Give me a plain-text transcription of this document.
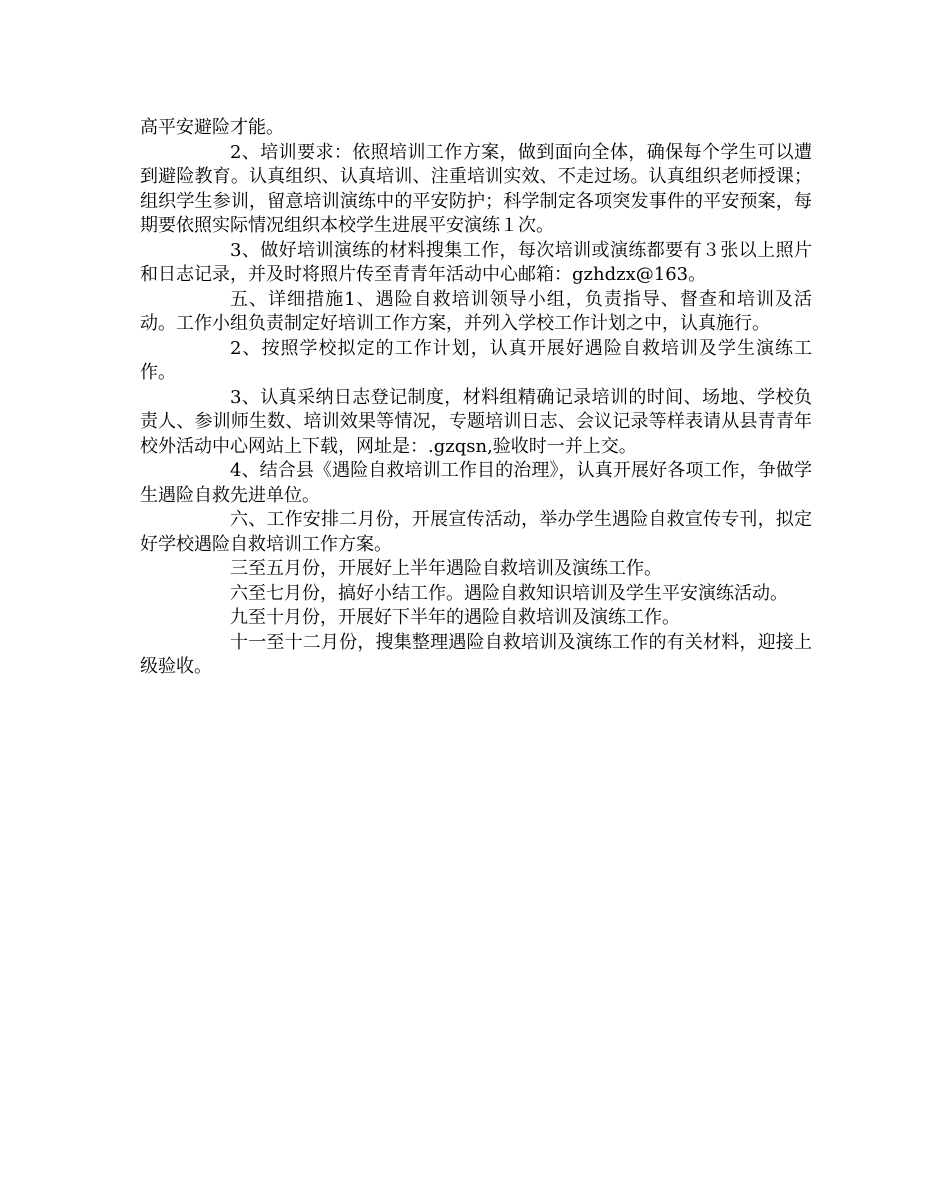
高平安避险才能。

2、培训要求：依照培训工作方案，做到面向全体，确保每个学生可以遭到避险教育。认真组织、认真培训、注重培训实效、不走过场。认真组织老师授课；组织学生参训，留意培训演练中的平安防护；科学制定各项突发事件的平安预案，每期要依照实际情况组织本校学生进展平安演练１次。

3、做好培训演练的材料搜集工作，每次培训或演练都要有３张以上照片和日志记录，并及时将照片传至青青年活动中心邮箱：gzhdzx@163。

五、详细措施1、遇险自救培训领导小组，负责指导、督查和培训及活动。工作小组负责制定好培训工作方案，并列入学校工作计划之中，认真施行。

2、按照学校拟定的工作计划，认真开展好遇险自救培训及学生演练工作。

3、认真采纳日志登记制度，材料组精确记录培训的时间、场地、学校负责人、参训师生数、培训效果等情况，专题培训日志、会议记录等样表请从县青青年校外活动中心网站上下载，网址是：.gzqsn,验收时一并上交。

4、结合县《遇险自救培训工作目的治理》，认真开展好各项工作，争做学生遇险自救先进单位。

六、工作安排二月份，开展宣传活动，举办学生遇险自救宣传专刊，拟定好学校遇险自救培训工作方案。

三至五月份，开展好上半年遇险自救培训及演练工作。

六至七月份，搞好小结工作。遇险自救知识培训及学生平安演练活动。

九至十月份，开展好下半年的遇险自救培训及演练工作。

十一至十二月份，搜集整理遇险自救培训及演练工作的有关材料，迎接上级验收。
